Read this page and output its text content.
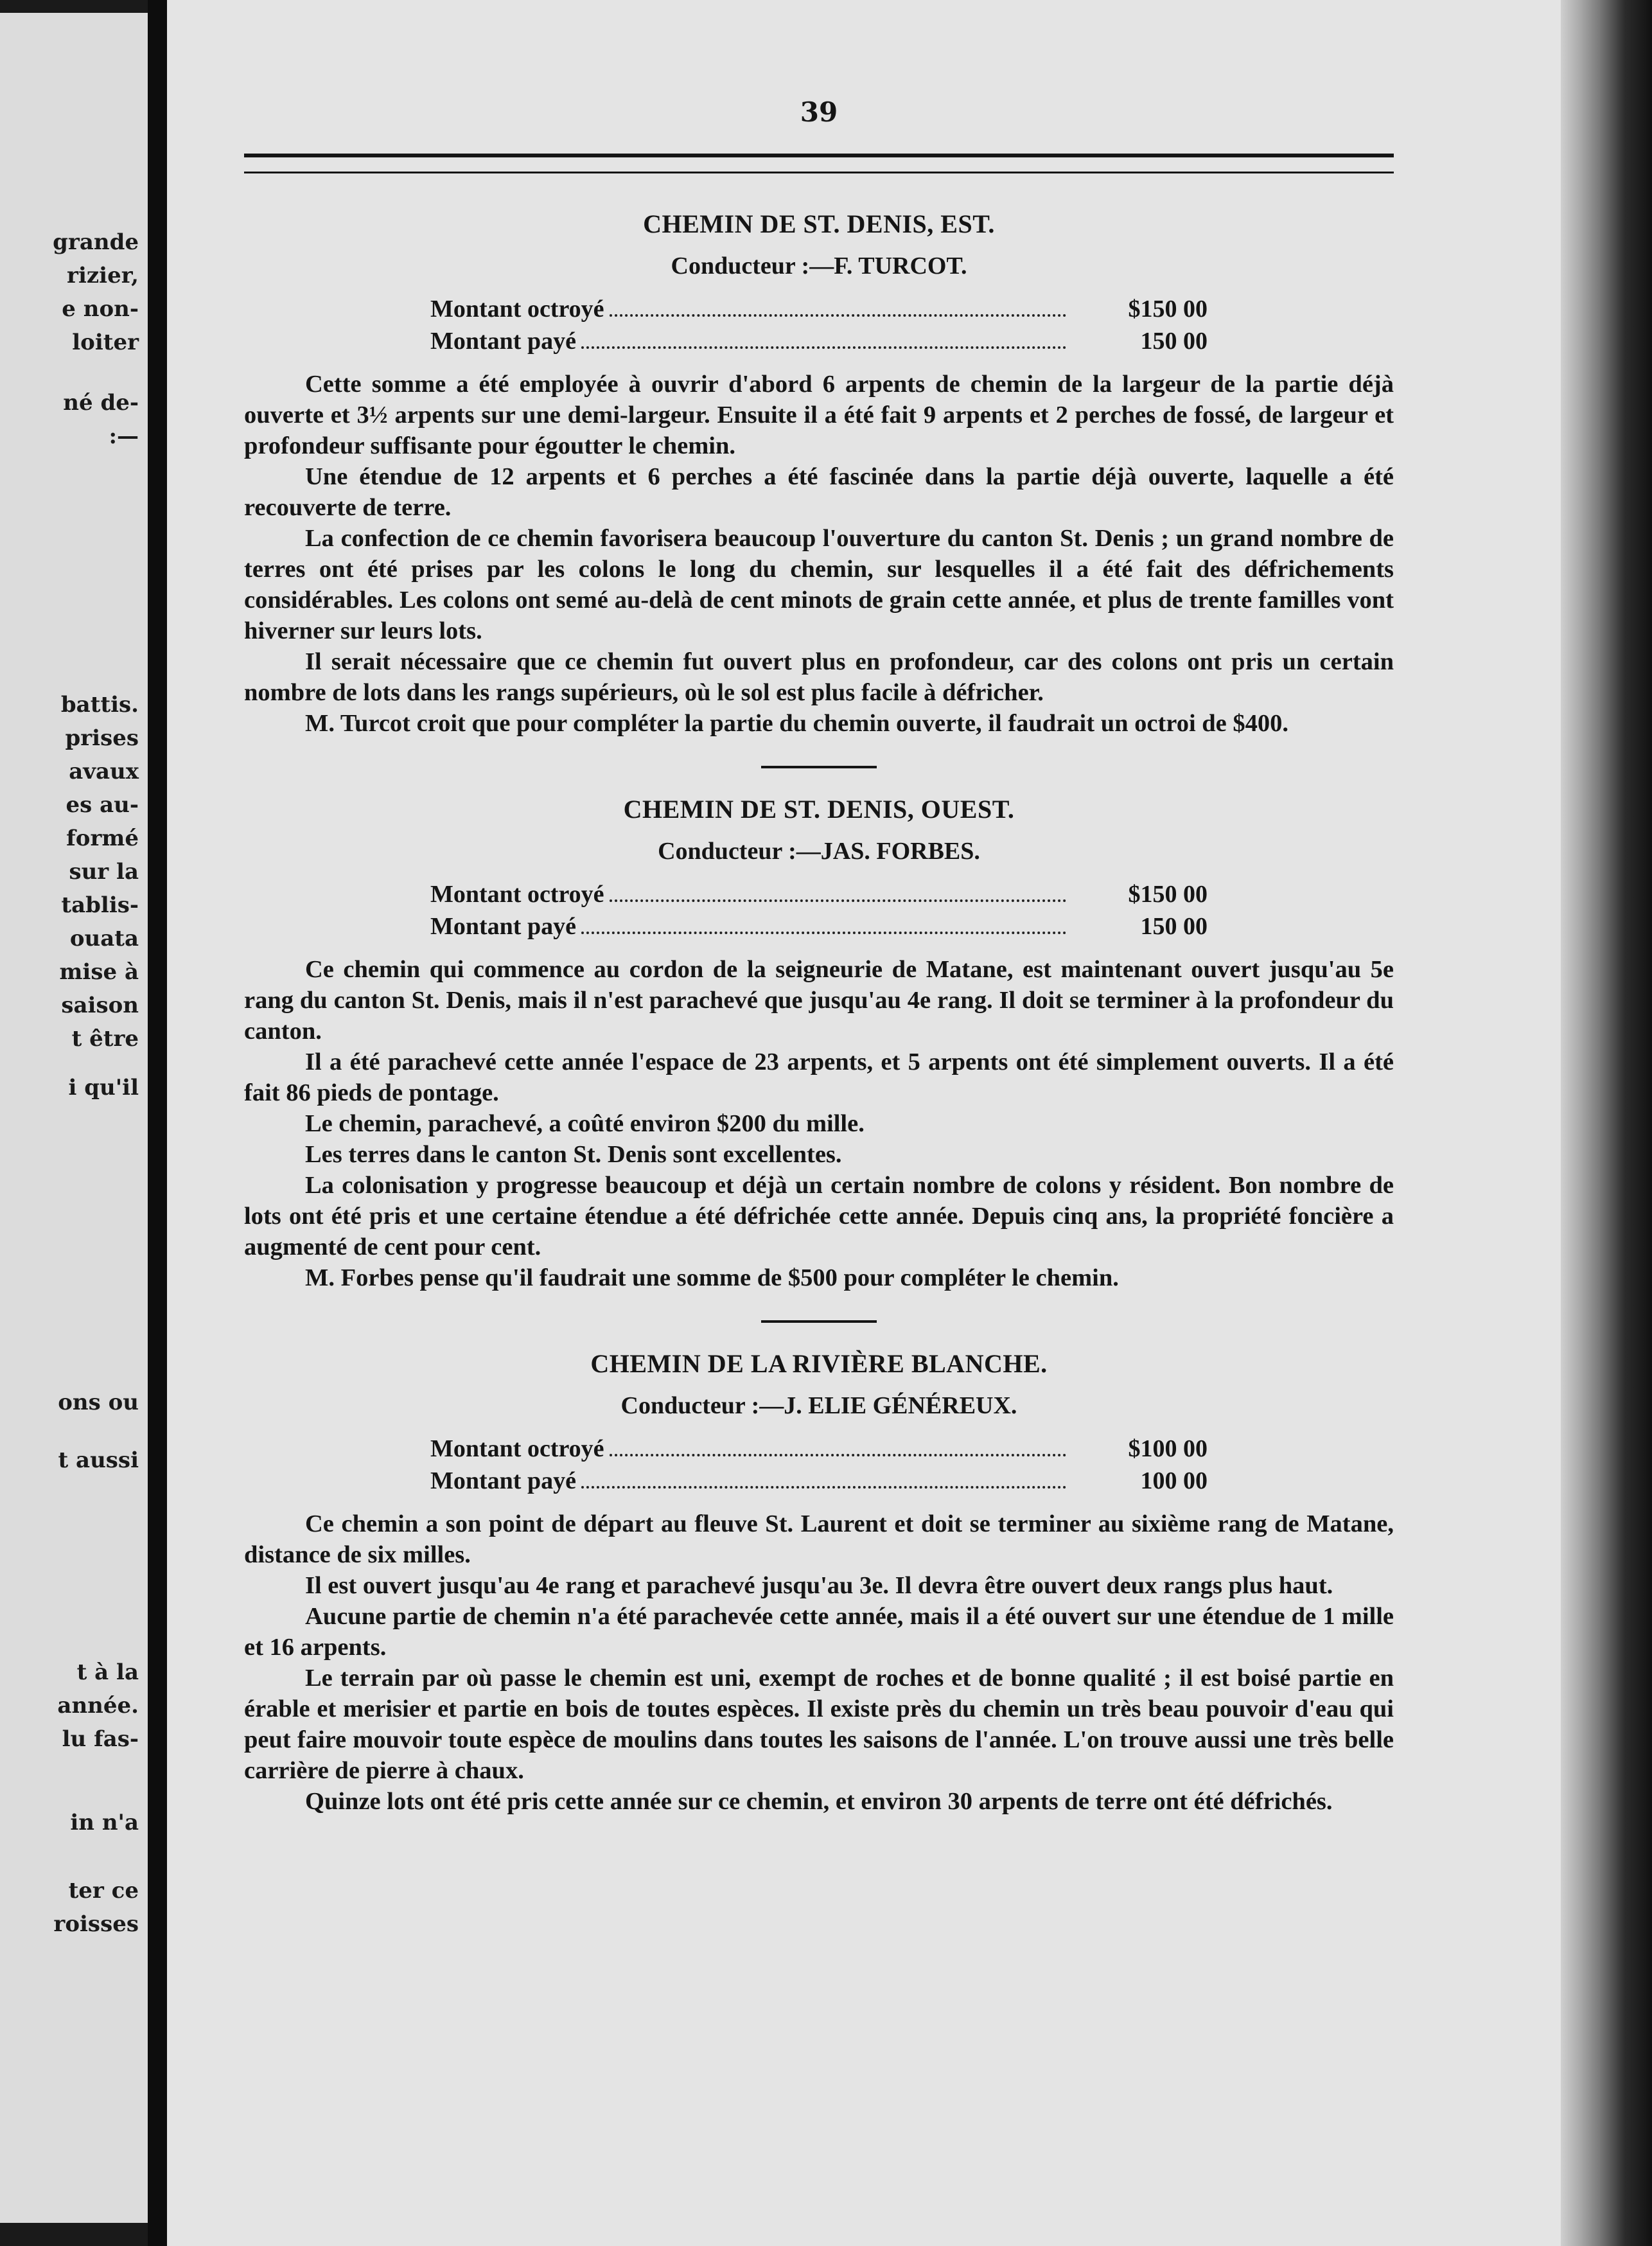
grande
rizier,
e non-
loiter
né de-
:—
battis.
prises
avaux
es au-
formé
sur la
tablis-
ouata
mise à
saison
t être
i qu'il
ons ou
t aussi
t à la
année.
lu fas-
in n'a
ter ce
roisses
39
CHEMIN DE ST. DENIS, EST.
Conducteur :—F. TURCOT.
Montant octroyé	$150 00
Montant payé	150 00

Cette somme a été employée à ouvrir d'abord 6 arpents de chemin de la largeur de la partie déjà ouverte et 3½ arpents sur une demi-largeur. Ensuite il a été fait 9 arpents et 2 perches de fossé, de largeur et profondeur suffisante pour égoutter le chemin.

Une étendue de 12 arpents et 6 perches a été fascinée dans la partie déjà ouverte, laquelle a été recouverte de terre.

La confection de ce chemin favorisera beaucoup l'ouverture du canton St. Denis ; un grand nombre de terres ont été prises par les colons le long du chemin, sur lesquelles il a été fait des défrichements considérables. Les colons ont semé au-delà de cent minots de grain cette année, et plus de trente familles vont hiverner sur leurs lots.

Il serait nécessaire que ce chemin fut ouvert plus en profondeur, car des colons ont pris un certain nombre de lots dans les rangs supérieurs, où le sol est plus facile à défricher.

M. Turcot croit que pour compléter la partie du chemin ouverte, il faudrait un octroi de $400.

CHEMIN DE ST. DENIS, OUEST.
Conducteur :—JAS. FORBES.
Montant octroyé	$150 00
Montant payé	150 00

Ce chemin qui commence au cordon de la seigneurie de Matane, est maintenant ouvert jusqu'au 5e rang du canton St. Denis, mais il n'est parachevé que jusqu'au 4e rang. Il doit se terminer à la profondeur du canton.

Il a été parachevé cette année l'espace de 23 arpents, et 5 arpents ont été simplement ouverts. Il a été fait 86 pieds de pontage.

Le chemin, parachevé, a coûté environ $200 du mille.

Les terres dans le canton St. Denis sont excellentes.

La colonisation y progresse beaucoup et déjà un certain nombre de colons y résident. Bon nombre de lots ont été pris et une certaine étendue a été défrichée cette année. Depuis cinq ans, la propriété foncière a augmenté de cent pour cent.

M. Forbes pense qu'il faudrait une somme de $500 pour compléter le chemin.

CHEMIN DE LA RIVIÈRE BLANCHE.
Conducteur :—J. ELIE GÉNÉREUX.
Montant octroyé	$100 00
Montant payé	100 00

Ce chemin a son point de départ au fleuve St. Laurent et doit se terminer au sixième rang de Matane, distance de six milles.

Il est ouvert jusqu'au 4e rang et parachevé jusqu'au 3e. Il devra être ouvert deux rangs plus haut.

Aucune partie de chemin n'a été parachevée cette année, mais il a été ouvert sur une étendue de 1 mille et 16 arpents.

Le terrain par où passe le chemin est uni, exempt de roches et de bonne qualité ; il est boisé partie en érable et merisier et partie en bois de toutes espèces. Il existe près du chemin un très beau pouvoir d'eau qui peut faire mouvoir toute espèce de moulins dans toutes les saisons de l'année. L'on trouve aussi une très belle carrière de pierre à chaux.

Quinze lots ont été pris cette année sur ce chemin, et environ 30 arpents de terre ont été défrichés.
